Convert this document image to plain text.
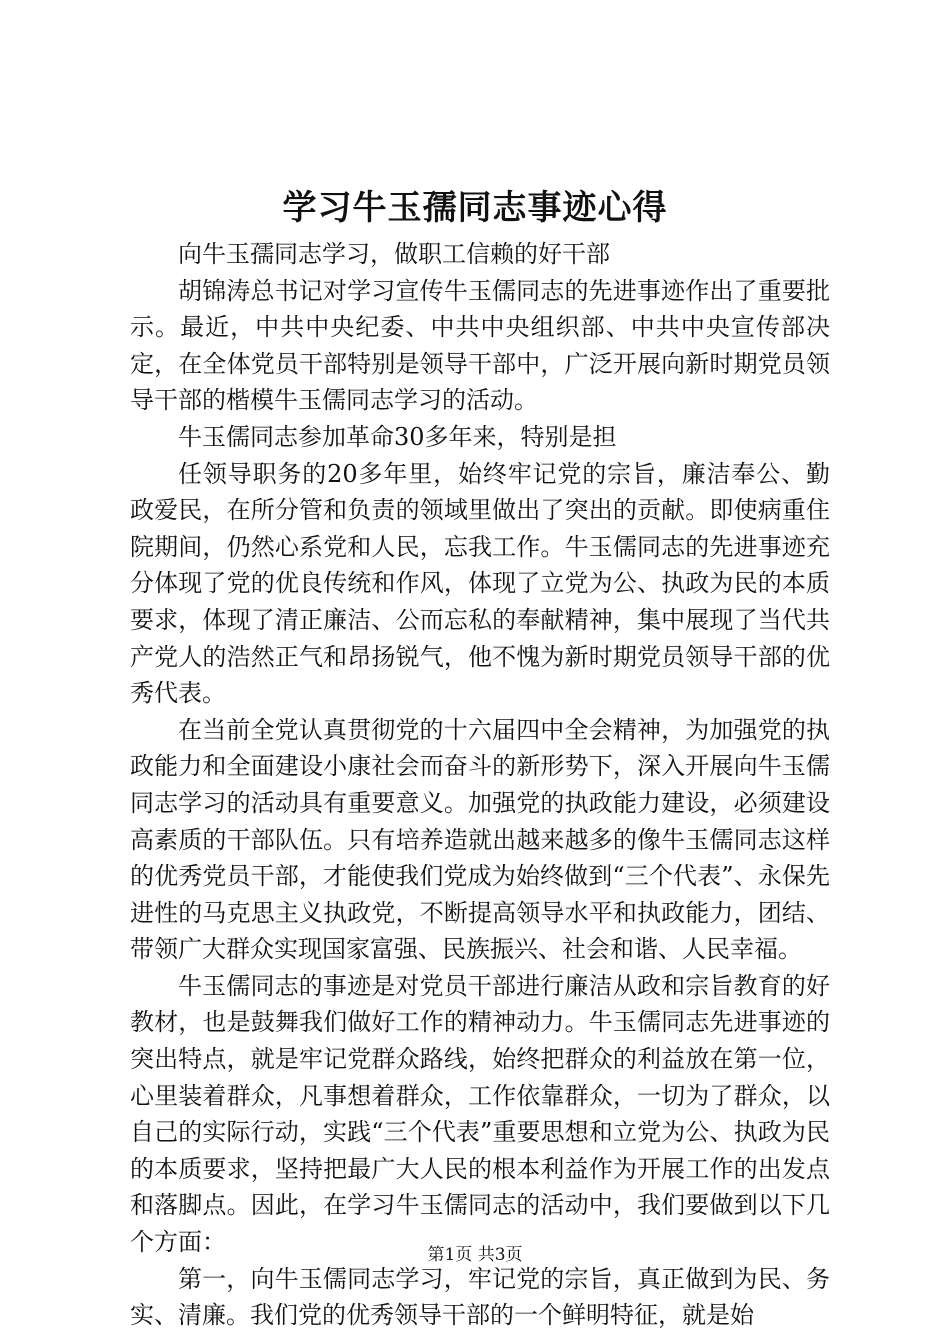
学习牛玉孺同志事迹心得

向牛玉孺同志学习，做职工信赖的好干部

胡锦涛总书记对学习宣传牛玉儒同志的先进事迹作出了重要批示。最近，中共中央纪委、中共中央组织部、中共中央宣传部决定，在全体党员干部特别是领导干部中，广泛开展向新时期党员领导干部的楷模牛玉儒同志学习的活动。

牛玉儒同志参加革命30多年来，特别是担

任领导职务的20多年里，始终牢记党的宗旨，廉洁奉公、勤政爱民，在所分管和负责的领域里做出了突出的贡献。即使病重住院期间，仍然心系党和人民，忘我工作。牛玉儒同志的先进事迹充分体现了党的优良传统和作风，体现了立党为公、执政为民的本质要求，体现了清正廉洁、公而忘私的奉献精神，集中展现了当代共产党人的浩然正气和昂扬锐气，他不愧为新时期党员领导干部的优秀代表。

在当前全党认真贯彻党的十六届四中全会精神，为加强党的执政能力和全面建设小康社会而奋斗的新形势下，深入开展向牛玉儒同志学习的活动具有重要意义。加强党的执政能力建设，必须建设高素质的干部队伍。只有培养造就出越来越多的像牛玉儒同志这样的优秀党员干部，才能使我们党成为始终做到“三个代表”、永保先进性的马克思主义执政党，不断提高领导水平和执政能力，团结、带领广大群众实现国家富强、民族振兴、社会和谐、人民幸福。

牛玉儒同志的事迹是对党员干部进行廉洁从政和宗旨教育的好教材，也是鼓舞我们做好工作的精神动力。牛玉儒同志先进事迹的突出特点，就是牢记党群众路线，始终把群众的利益放在第一位，心里装着群众，凡事想着群众，工作依靠群众，一切为了群众，以自己的实际行动，实践“三个代表”重要思想和立党为公、执政为民的本质要求，坚持把最广大人民的根本利益作为开展工作的出发点和落脚点。因此，在学习牛玉儒同志的活动中，我们要做到以下几个方面：

第一，向牛玉儒同志学习，牢记党的宗旨，真正做到为民、务实、清廉。我们党的优秀领导干部的一个鲜明特征，就是始

第1页 共3页
